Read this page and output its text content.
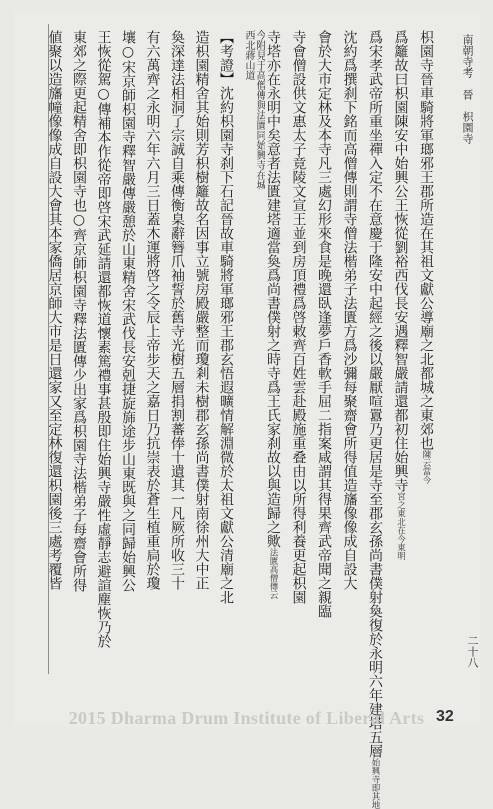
南朝寺考　晉　枳園寺
二十八
枳園寺晉車騎將軍瑯邪王郡所造在其祖文獻公導廟之北都城之東郊也陳云當今
爲籬故曰枳園陳安中始興公王恢從劉裕西伐長安遇釋智嚴請還都初住始興寺宮之東北在今東明
爲宋孝武帝所重坐禪入定不在意慶于隆安中起經之後以嚴厭喧囂乃更居是寺至郡玄孫尚書僕射奐復於永明六年建塔五層始興寺即其地
沈約爲撰刹下銘而高僧傳則謂寺僧法楷弟子法匱方爲沙彌每聚齋會所得值造旛像像成自設大
會於大市定林及本寺凡三處幻形來食是晚還臥逢夢戶香軟手屈二指案咸謂其得果齊武帝聞之親臨
寺會僧設供文惠太子竟陵文宣王並到房頂禮爲啓敕齊百姓雲赴殿施重叠由以所得利養更起枳園
寺塔亦在永明中矣意者法匱建塔適當奐爲尚書僕射之時寺爲王氏家刹故以與造歸之歟法匱高僧傳云
今附見于高僧傳與法匱同始興寺在城西北蔣山道
【考證】沈約枳園寺刹下石記晉故車騎將軍瑯邪王郡玄悟遐曠情解淵微於太祖文獻公清廟之北
造枳園精舍其始則芳枳樹籬故名因事立號房殿嚴整而瓊剎未樹郡玄孫尚書僕射南徐州大中正
奐深達法相洞了宗誠自乘傳衡臬辭簪爪袖誓於舊寺光樹五層捐割蕃俸十遺其一凡厥所收三十
有六萬齊之永明六年六月三日蓋木運將啓之令辰上帝步天之嘉日乃抗崇表於蒼生植重扃於瓊
壤○宋京師枳園寺釋智嚴傳嚴憩於山東精舍宋武伐長安剋捷旋旆途步山東既與之同歸始興公
王恢從駕○傳補本作從帝即啓宋武延請還都恢道懷素篤禮事甚殷即住始興寺嚴性虛靜志避諠塵恢乃於
東郊之際更起精舍即枳園寺也○齊京師枳園寺釋法匱傳少出家爲枳園寺法楷弟子每齋會所得
値聚以造旛幢像像成自設大會其本家僑居京師大市是日還家又至定林復還枳園後三處考覆皆
2015 Dharma Drum Institute of Liberal Arts 32
